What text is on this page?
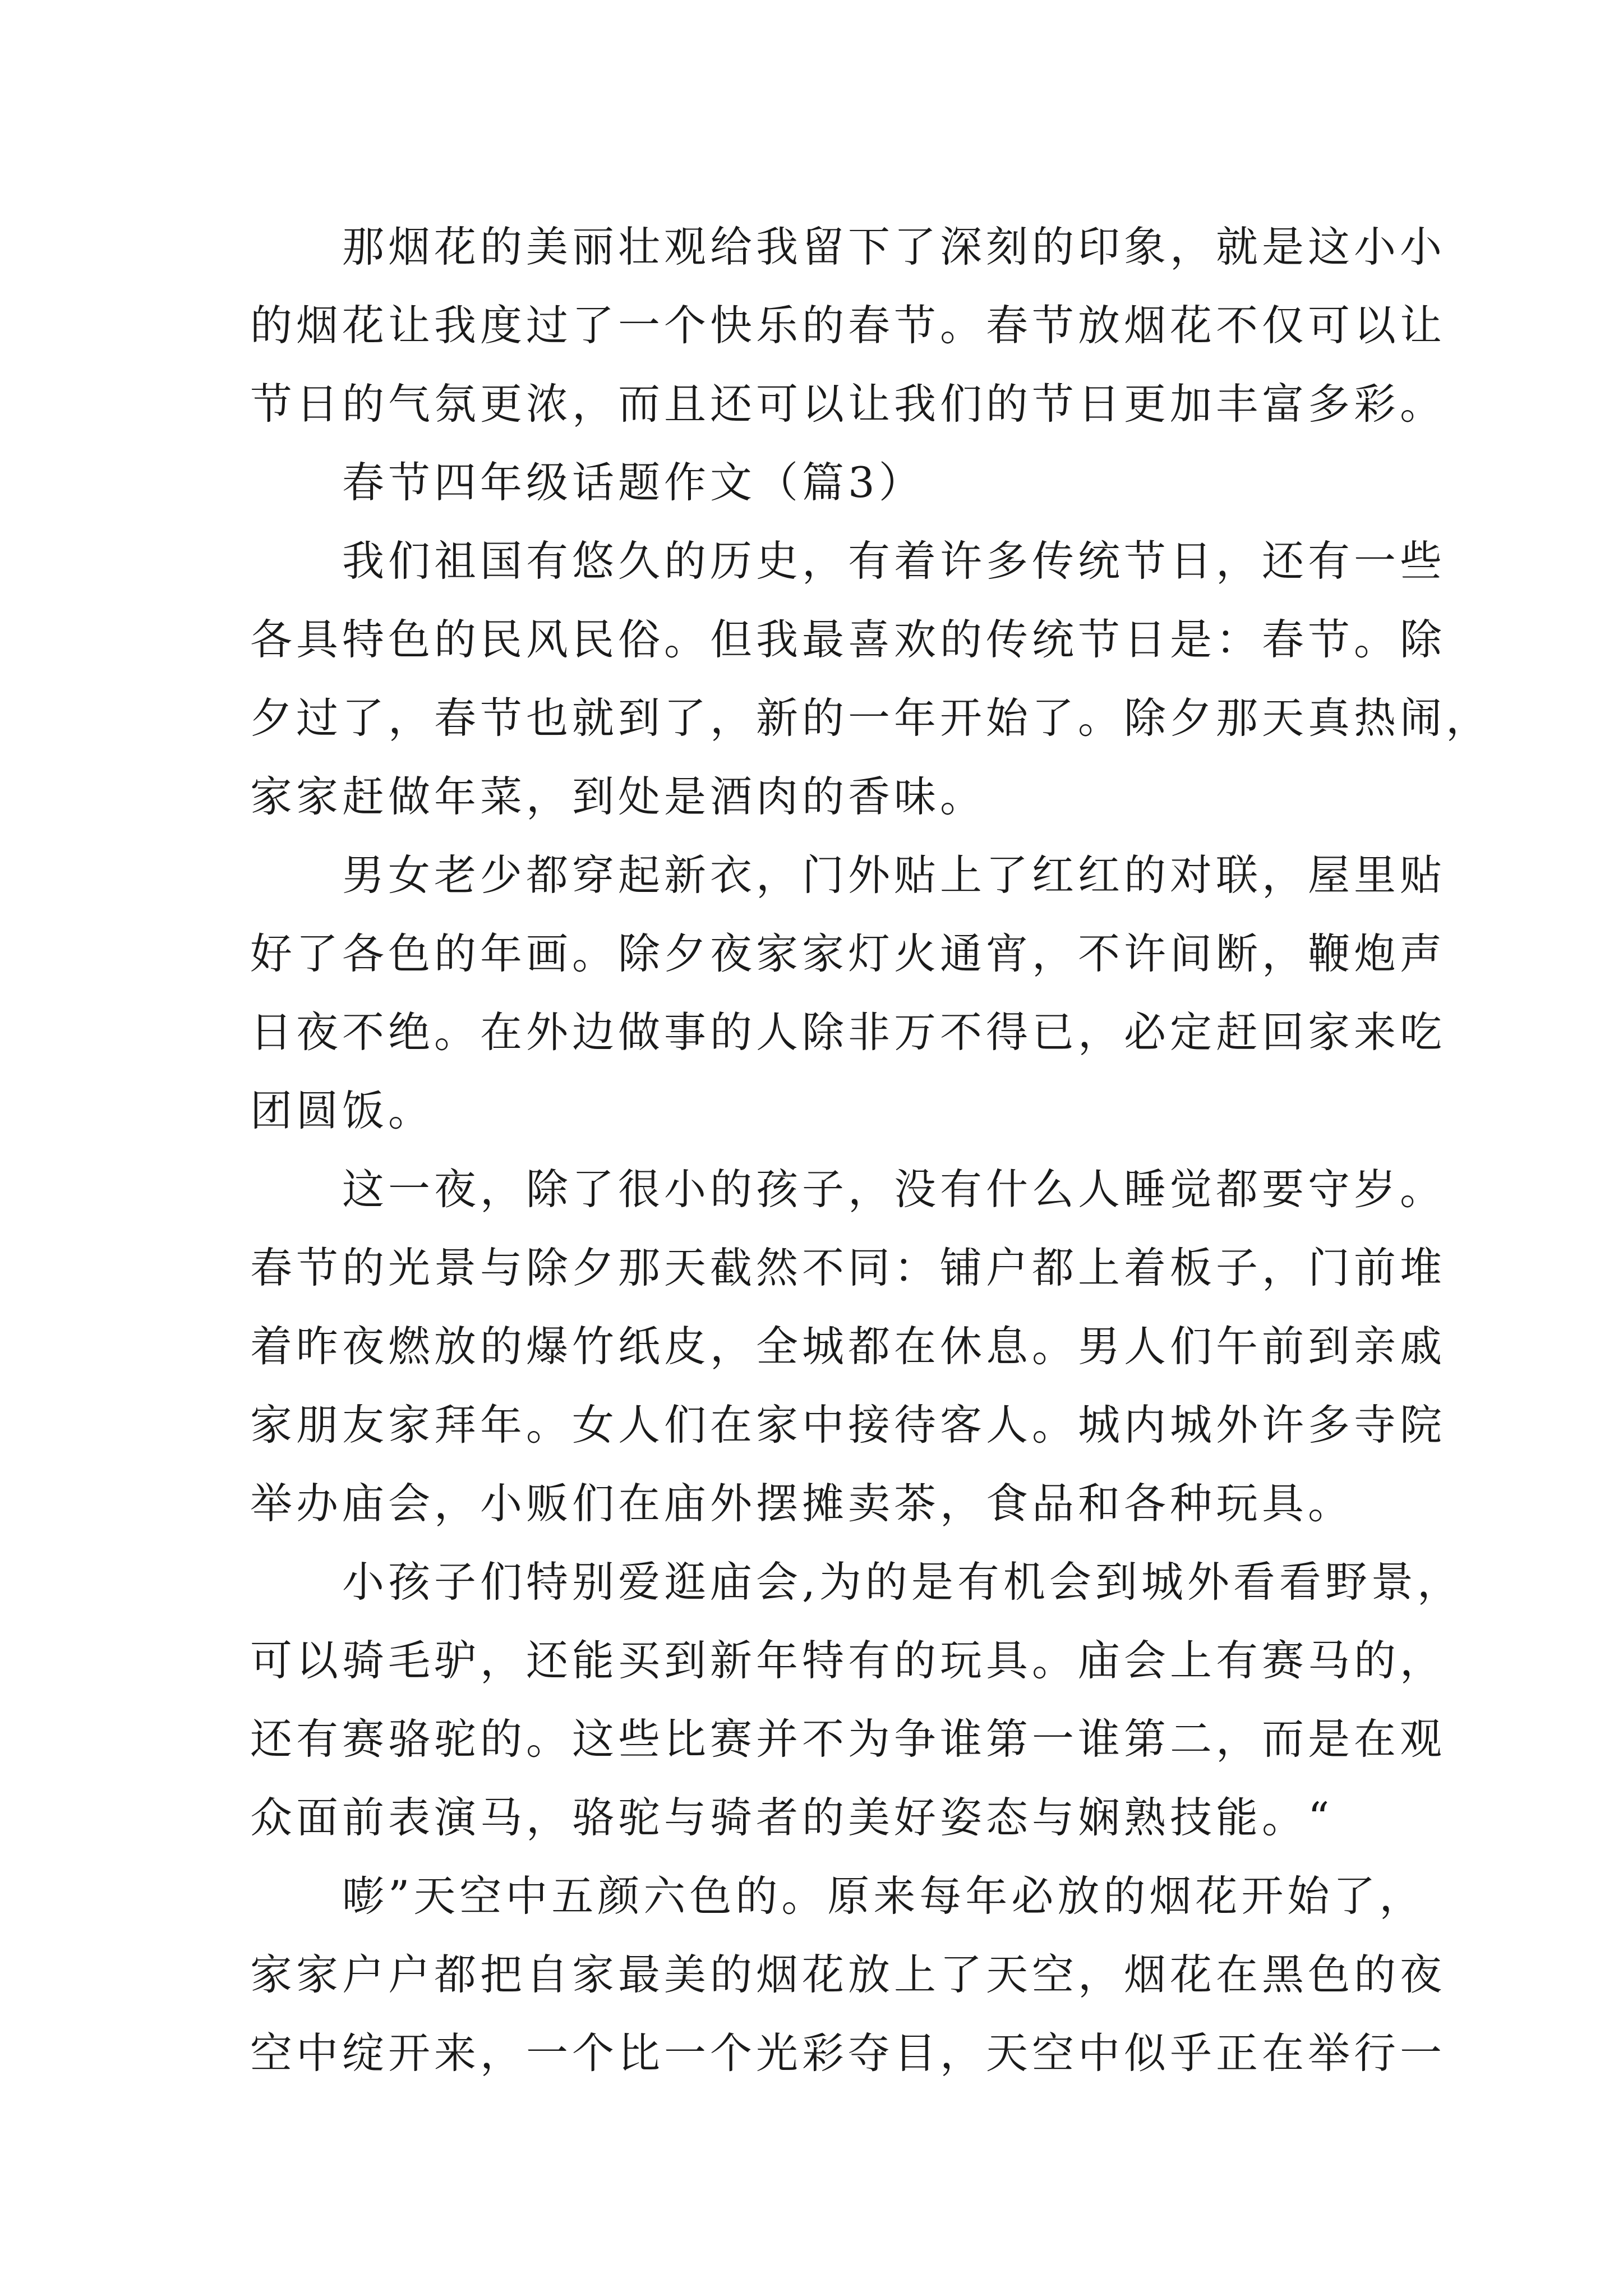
那烟花的美丽壮观给我留下了深刻的印象，就是这小小
的烟花让我度过了一个快乐的春节。春节放烟花不仅可以让
节日的气氛更浓，而且还可以让我们的节日更加丰富多彩。
春节四年级话题作文（篇3）
我们祖国有悠久的历史，有着许多传统节日，还有一些
各具特色的民风民俗。但我最喜欢的传统节日是：春节。除
夕过了，春节也就到了，新的一年开始了。除夕那天真热闹，
家家赶做年菜，到处是酒肉的香味。
男女老少都穿起新衣，门外贴上了红红的对联，屋里贴
好了各色的年画。除夕夜家家灯火通宵，不许间断，鞭炮声
日夜不绝。在外边做事的人除非万不得已，必定赶回家来吃
团圆饭。
这一夜，除了很小的孩子，没有什么人睡觉都要守岁。
春节的光景与除夕那天截然不同：铺户都上着板子，门前堆
着昨夜燃放的爆竹纸皮，全城都在休息。男人们午前到亲戚
家朋友家拜年。女人们在家中接待客人。城内城外许多寺院
举办庙会，小贩们在庙外摆摊卖茶，食品和各种玩具。
小孩子们特别爱逛庙会,为的是有机会到城外看看野景，
可以骑毛驴，还能买到新年特有的玩具。庙会上有赛马的，
还有赛骆驼的。这些比赛并不为争谁第一谁第二，而是在观
众面前表演马，骆驼与骑者的美好姿态与娴熟技能。“
嘭”天空中五颜六色的。原来每年必放的烟花开始了，
家家户户都把自家最美的烟花放上了天空，烟花在黑色的夜
空中绽开来，一个比一个光彩夺目，天空中似乎正在举行一
